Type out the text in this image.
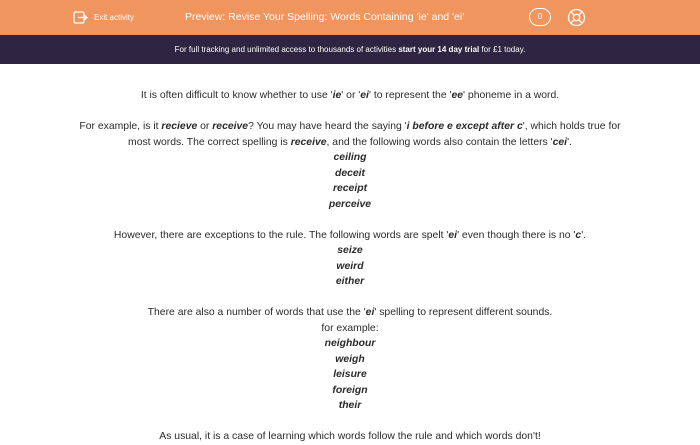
Exit activity	Preview: Revise Your Spelling: Words Containing 'ie' and 'ei'	0
For full tracking and unlimited access to thousands of activities start your 14 day trial for £1 today.

It is often difficult to know whether to use 'ie' or 'ei' to represent the 'ee' phoneme in a word.

For example, is it recieve or receive? You may have heard the saying 'i before e except after c', which holds true for

most words. The correct spelling is receive, and the following words also contain the letters 'cei'.

ceiling

deceit

receipt

perceive

However, there are exceptions to the rule. The following words are spelt 'ei' even though there is no 'c'.

seize

weird

either

There are also a number of words that use the 'ei' spelling to represent different sounds.

for example:

neighbour

weigh

leisure

foreign

their

As usual, it is a case of learning which words follow the rule and which words don't!
